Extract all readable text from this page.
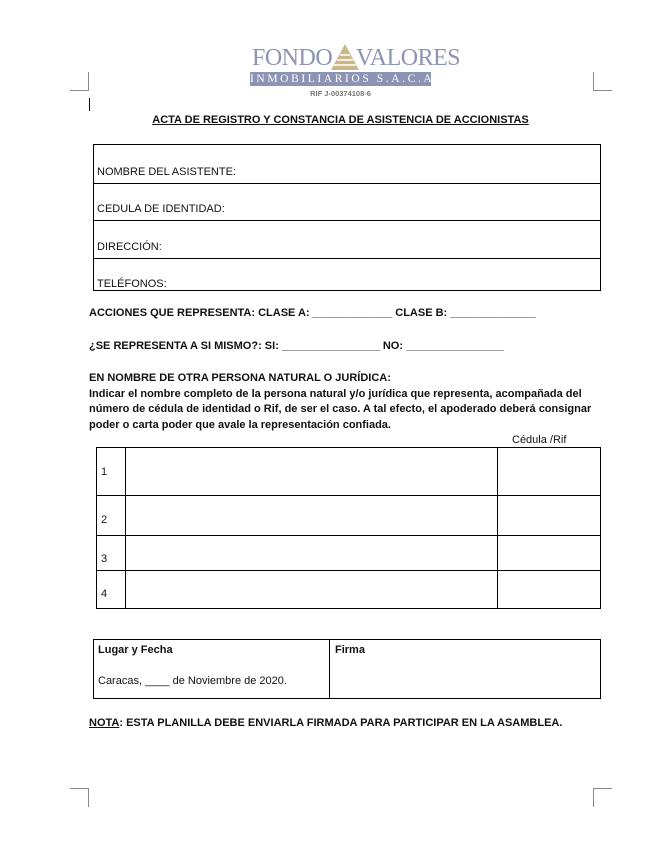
FONDO VALORES
INMOBILIARIOS S.A.C.A
RIF J-00374108-6
ACTA DE REGISTRO Y CONSTANCIA DE ASISTENCIA DE ACCIONISTAS
NOMBRE DEL ASISTENTE:
CEDULA DE IDENTIDAD:
DIRECCIÓN:
TELÉFONOS:
ACCIONES QUE REPRESENTA: CLASE A: _____________ CLASE B: ______________
¿SE REPRESENTA A SI MISMO?: SI: ________________ NO: ________________
EN NOMBRE DE OTRA PERSONA NATURAL O JURÍDICA:
Indicar el nombre completo de la persona natural y/o jurídica que representa, acompañada del número de cédula de identidad o Rif, de ser el caso. A tal efecto, el apoderado deberá consignar poder o carta poder que avale la representación confiada.
Cédula /Rif
1
2
3
4
Lugar y Fecha
Caracas, ____ de Noviembre de 2020.
Firma
NOTA: ESTA PLANILLA DEBE ENVIARLA FIRMADA PARA PARTICIPAR EN LA ASAMBLEA.
